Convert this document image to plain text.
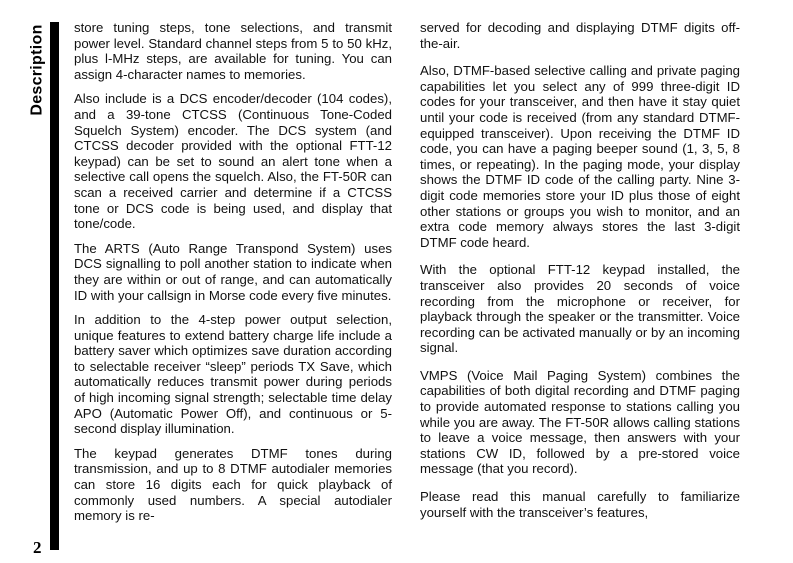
Description
2

store tuning steps, tone selections, and transmit power level. Standard channel steps from 5 to 50 kHz, plus l-MHz steps, are available for tuning. You can assign 4-character names to memories.

Also include is a DCS encoder/decoder (104 codes), and a 39-tone CTCSS (Continuous Tone-Coded Squelch System) encoder. The DCS system (and CTCSS decoder provided with the optional FTT-12 keypad) can be set to sound an alert tone when a selective call opens the squelch. Also, the FT-50R can scan a received carrier and determine if a CTCSS tone or DCS code is being used, and display that tone/code.

The ARTS (Auto Range Transpond System) uses DCS signalling to poll another station to indicate when they are within or out of range, and can automatically ID with your callsign in Morse code every five minutes.

In addition to the 4-step power output selection, unique features to extend battery charge life include a battery saver which optimizes save duration according to selectable receiver “sleep” periods TX Save, which automatically reduces transmit power during periods of high incoming signal strength; selectable time delay APO (Automatic Power Off), and continuous or 5-second display illumination.

The keypad generates DTMF tones during transmission, and up to 8 DTMF autodialer memories can store 16 digits each for quick playback of commonly used numbers. A special autodialer memory is re-

served for decoding and displaying DTMF digits off-the-air.

Also, DTMF-based selective calling and private paging capabilities let you select any of 999 three-digit ID codes for your transceiver, and then have it stay quiet until your code is received (from any standard DTMF-equipped transceiver). Upon receiving the DTMF ID code, you can have a paging beeper sound (1, 3, 5, 8 times, or repeating). In the paging mode, your display shows the DTMF ID code of the calling party. Nine 3-digit code memories store your ID plus those of eight other stations or groups you wish to monitor, and an extra code memory always stores the last 3-digit DTMF code heard.

With the optional FTT-12 keypad installed, the transceiver also provides 20 seconds of voice recording from the microphone or receiver, for playback through the speaker or the transmitter. Voice recording can be activated manually or by an incoming signal.

VMPS (Voice Mail Paging System) combines the capabilities of both digital recording and DTMF paging to provide automated response to stations calling you while you are away. The FT-50R allows calling stations to leave a voice message, then answers with your stations CW ID, followed by a pre-stored voice message (that you record).

Please read this manual carefully to familiarize yourself with the transceiver’s features,
